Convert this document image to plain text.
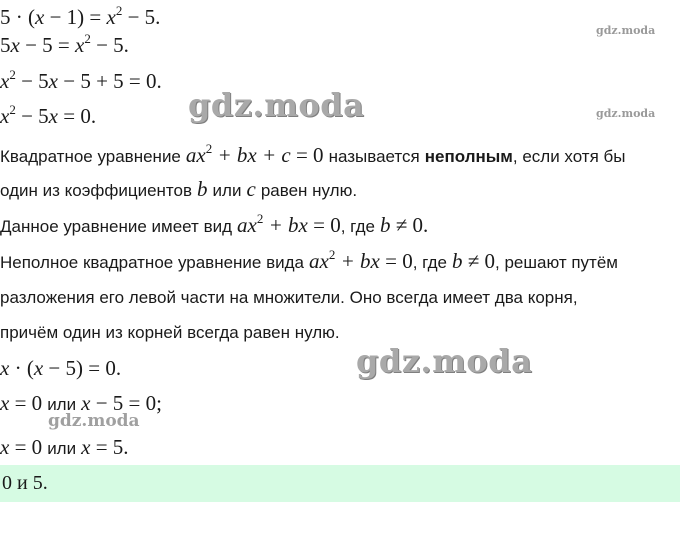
gdz.moda
gdz.moda
gdz.moda
gdz.moda
gdz.moda
$5 \cdot (x - 1) = x^2 - 5$.
$5x - 5 = x^2 - 5$.
$x^2 - 5x - 5 + 5 = 0$.
$x^2 - 5x = 0$.
Квадратное уравнение $ax^2$ + bx + c = 0 называется неполным, если хотя бы
один из коэффициентов b или c равен нулю.
Данное уравнение имеет вид $ax^2$ + bx = 0, где b ≠ 0.
Неполное квадратное уравнение вида $ax^2$ + bx = 0, где b ≠ 0, решают путём
разложения его левой части на множители. Оно всегда имеет два корня,
причём один из корней всегда равен нулю.
x · (x − 5) = 0.
x = 0 или x − 5 = 0;
x = 0 или x = 5.
0 и 5.
